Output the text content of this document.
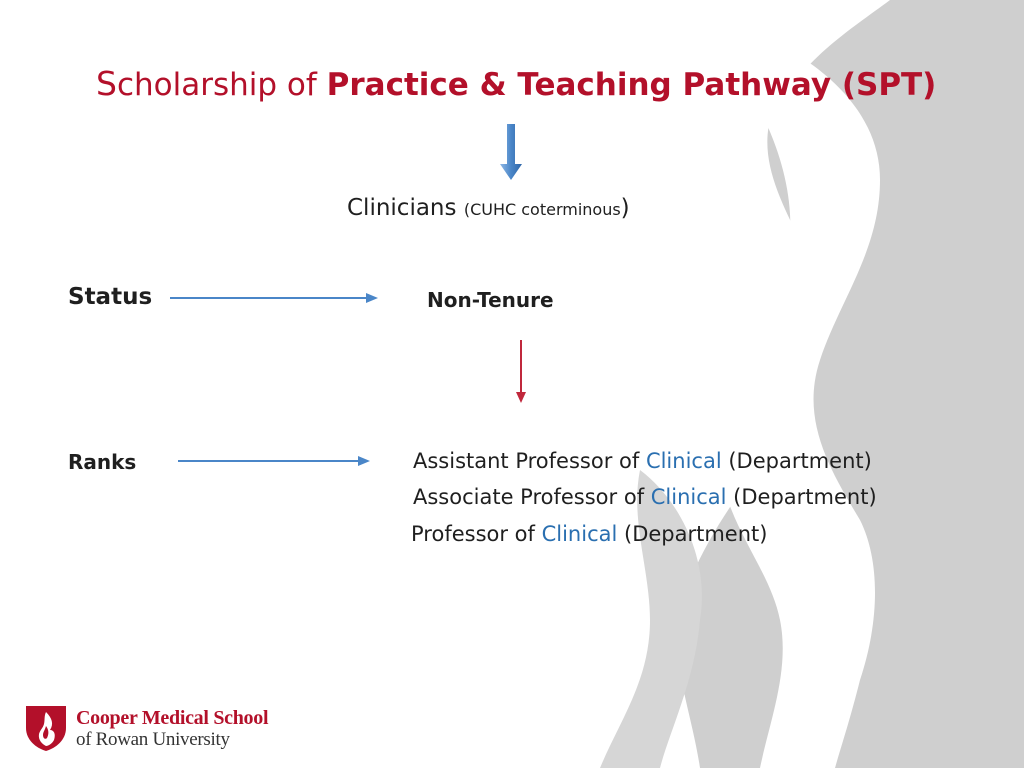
Scholarship of Practice & Teaching Pathway (SPT)
Clinicians (CUHC coterminous)
Status	Non-Tenure
Ranks	Assistant Professor of Clinical (Department)
Associate Professor of Clinical (Department)
Professor of Clinical (Department)
Cooper Medical School
of Rowan University
